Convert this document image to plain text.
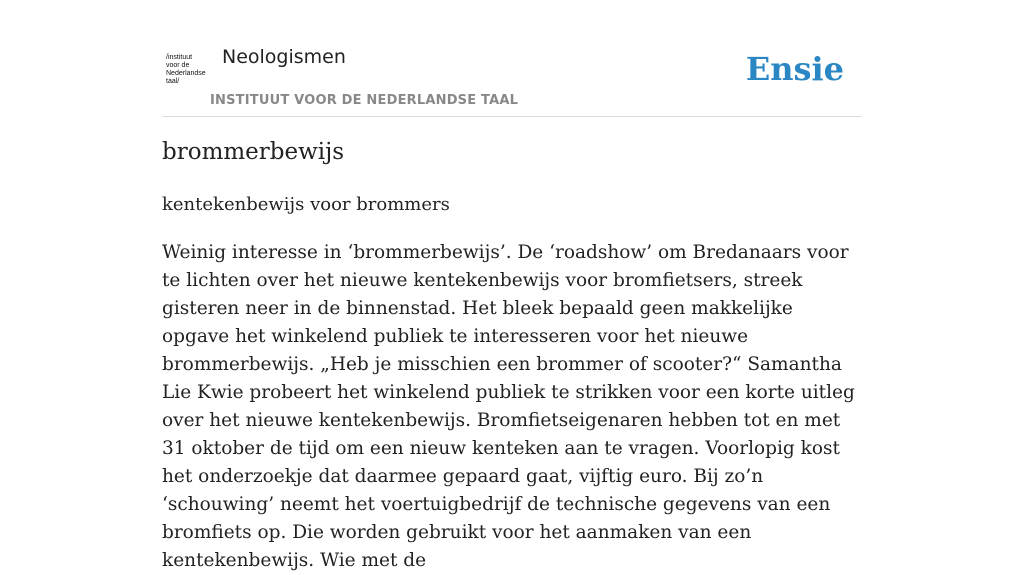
/instituut
voor de
Nederlandse
taal/
Neologismen
INSTITUUT VOOR DE NEDERLANDSE TAAL
Ensie
brommerbewijs

kentekenbewijs voor brommers

Weinig interesse in ‘brommerbewijs’. De ‘roadshow’ om Bredanaars voor te lichten over het nieuwe kentekenbewijs voor bromfietsers, streek gisteren neer in de binnenstad. Het bleek bepaald geen makkelijke opgave het winkelend publiek te interesseren voor het nieuwe brommerbewijs. „Heb je misschien een brommer of scooter?“ Samantha Lie Kwie probeert het winkelend publiek te strikken voor een korte uitleg over het nieuwe kentekenbewijs. Bromfietseigenaren hebben tot en met 31 oktober de tijd om een nieuw kenteken aan te vragen. Voorlopig kost het onderzoekje dat daarmee gepaard gaat, vijftig euro. Bij zo’n ‘schouwing’ neemt het voertuigbedrijf de technische gegevens van een bromfiets op. Die worden gebruikt voor het aanmaken van een kentekenbewijs. Wie met de
